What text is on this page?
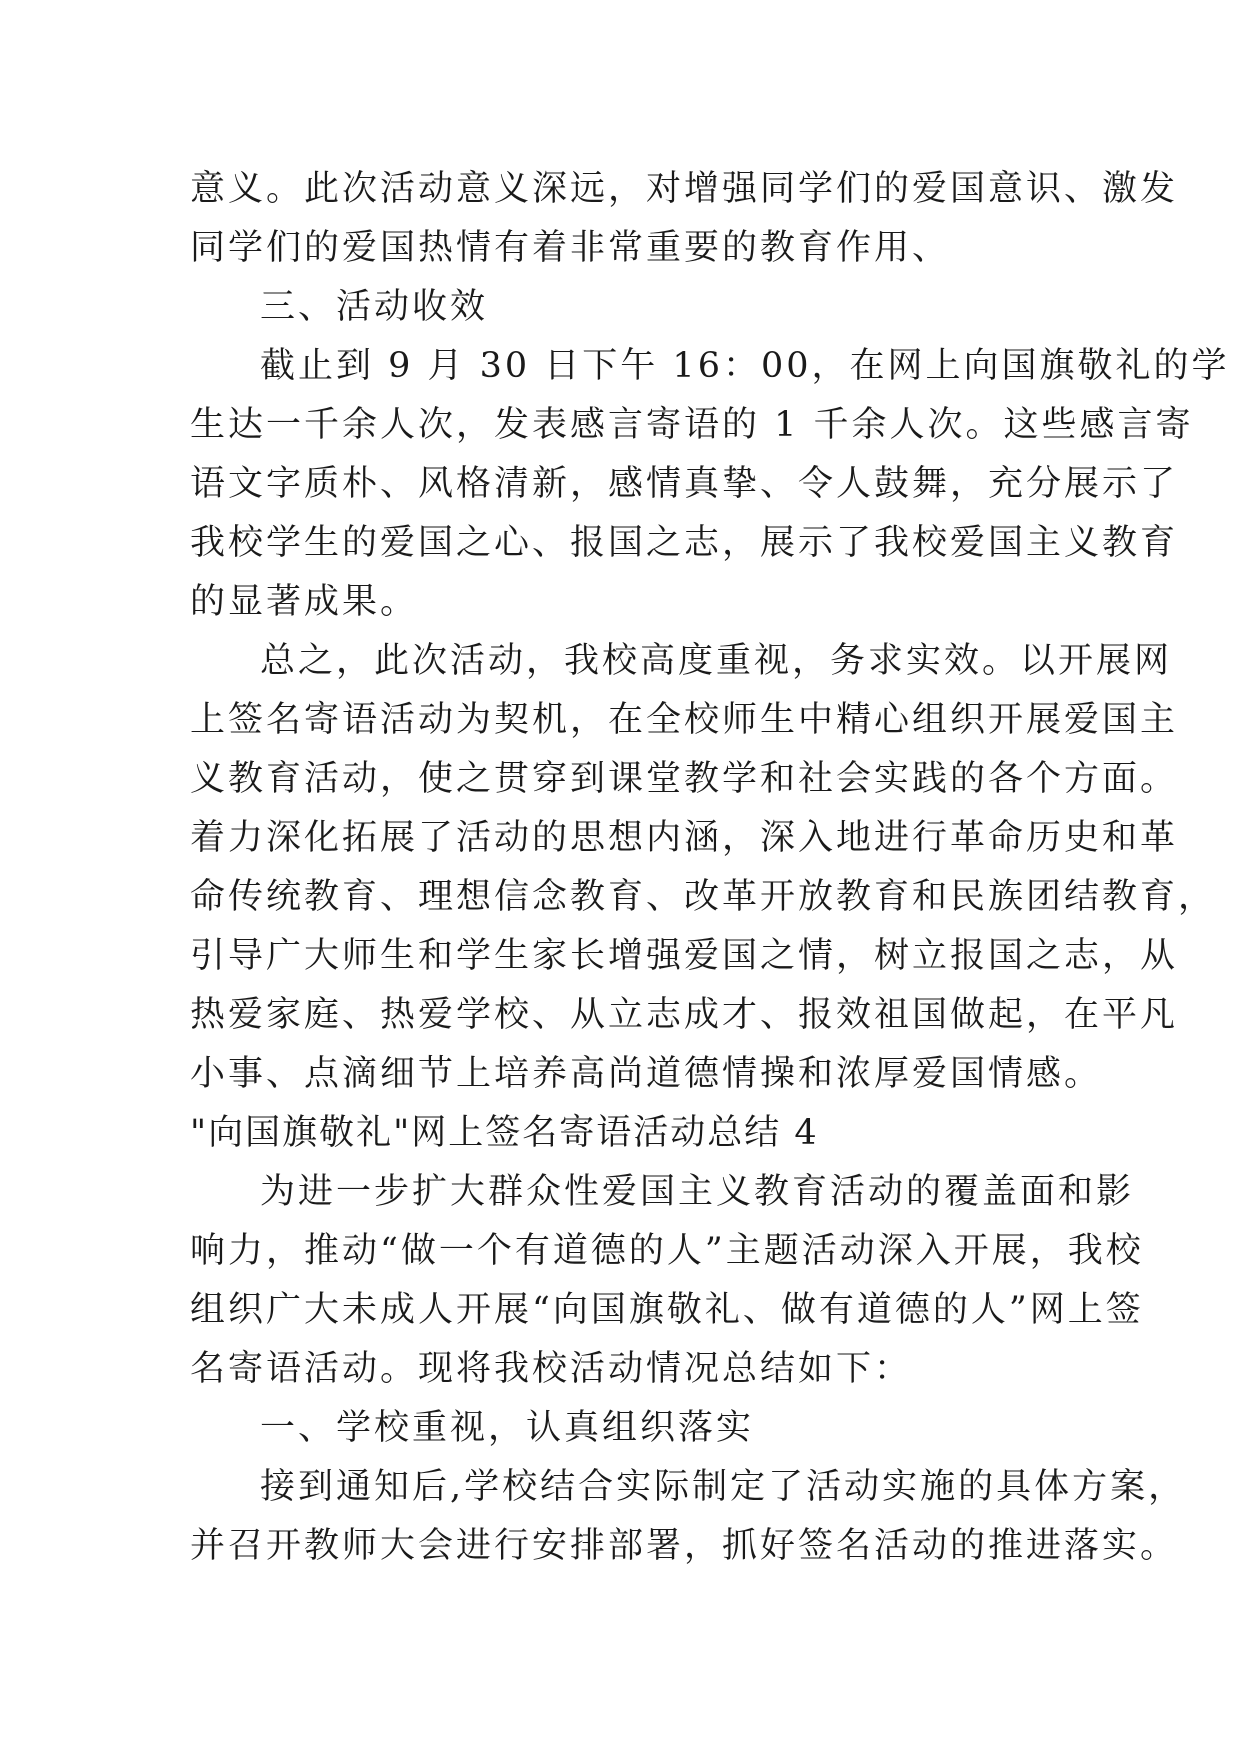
意义。此次活动意义深远，对增强同学们的爱国意识、激发
同学们的爱国热情有着非常重要的教育作用、
三、活动收效
截止到 9 月 30 日下午 16：00，在网上向国旗敬礼的学
生达一千余人次，发表感言寄语的 1 千余人次。这些感言寄
语文字质朴、风格清新，感情真挚、令人鼓舞，充分展示了
我校学生的爱国之心、报国之志，展示了我校爱国主义教育
的显著成果。
总之，此次活动，我校高度重视，务求实效。以开展网
上签名寄语活动为契机，在全校师生中精心组织开展爱国主
义教育活动，使之贯穿到课堂教学和社会实践的各个方面。
着力深化拓展了活动的思想内涵，深入地进行革命历史和革
命传统教育、理想信念教育、改革开放教育和民族团结教育，
引导广大师生和学生家长增强爱国之情，树立报国之志，从
热爱家庭、热爱学校、从立志成才、报效祖国做起，在平凡
小事、点滴细节上培养高尚道德情操和浓厚爱国情感。
"向国旗敬礼"网上签名寄语活动总结 4
为进一步扩大群众性爱国主义教育活动的覆盖面和影
响力，推动“做一个有道德的人”主题活动深入开展，我校
组织广大未成人开展“向国旗敬礼、做有道德的人”网上签
名寄语活动。现将我校活动情况总结如下：
一、学校重视，认真组织落实
接到通知后,学校结合实际制定了活动实施的具体方案，
并召开教师大会进行安排部署，抓好签名活动的推进落实。
